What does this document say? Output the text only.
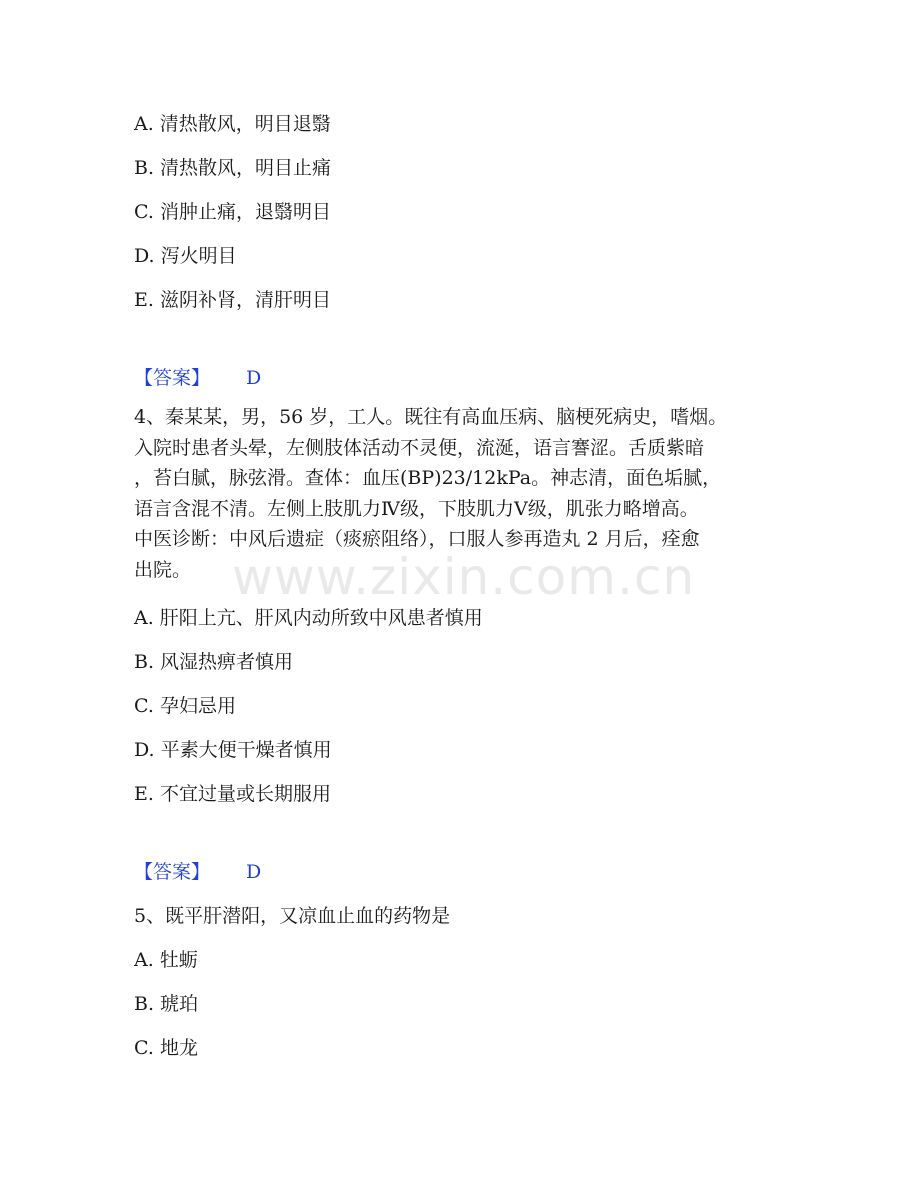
A. 清热散风，明目退翳
B. 清热散风，明目止痛
C. 消肿止痛，退翳明目
D. 泻火明目
E. 滋阴补肾，清肝明目
【答案】 D
4、秦某某，男，56 岁，工人。既往有高血压病、脑梗死病史，嗜烟。
入院时患者头晕，左侧肢体活动不灵便，流涎，语言謇涩。舌质紫暗
，苔白腻，脉弦滑。查体：血压(BP)23/12kPa。神志清，面色垢腻，
语言含混不清。左侧上肢肌力Ⅳ级，下肢肌力Ⅴ级，肌张力略增高。
中医诊断：中风后遗症（痰瘀阻络），口服人参再造丸 2 月后，痊愈
出院。 www.zixin.com.cn
A. 肝阳上亢、肝风内动所致中风患者慎用
B. 风湿热痹者慎用
C. 孕妇忌用
D. 平素大便干燥者慎用
E. 不宜过量或长期服用
【答案】 D
5、既平肝潜阳，又凉血止血的药物是
A. 牡蛎
B. 琥珀
C. 地龙
